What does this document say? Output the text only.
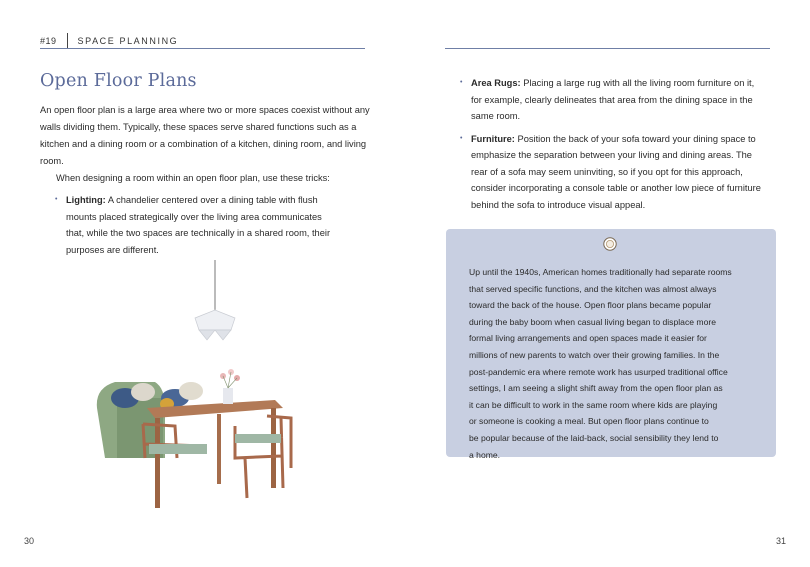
#19	SPACE PLANNING
Open Floor Plans

An open floor plan is a large area where two or more spaces coexist without any walls dividing them. Typically, these spaces serve shared functions such as a kitchen and a dining room or a combination of a kitchen, dining room, and living room.

When designing a room within an open floor plan, use these tricks:

• Lighting: A chandelier centered over a dining table with flush mounts placed strategically over the living area communicates that, while the two spaces are technically in a shared room, their purposes are different.
30
• Area Rugs: Placing a large rug with all the living room furniture on it, for example, clearly delineates that area from the dining space in the same room.
• Furniture: Position the back of your sofa toward your dining space to emphasize the separation between your living and dining areas. The rear of a sofa may seem uninviting, so if you opt for this approach, consider incorporating a console table or another low piece of furniture behind the sofa to introduce visual appeal.
Up until the 1940s, American homes traditionally had separate rooms
that served specific functions, and the kitchen was almost always
toward the back of the house. Open floor plans became popular
during the baby boom when casual living began to displace more
formal living arrangements and open spaces made it easier for
millions of new parents to watch over their growing families. In the
post-pandemic era where remote work has usurped traditional office
settings, I am seeing a slight shift away from the open floor plan as
it can be difficult to work in the same room where kids are playing
or someone is cooking a meal. But open floor plans continue to
be popular because of the laid-back, social sensibility they lend to
a home.
31
